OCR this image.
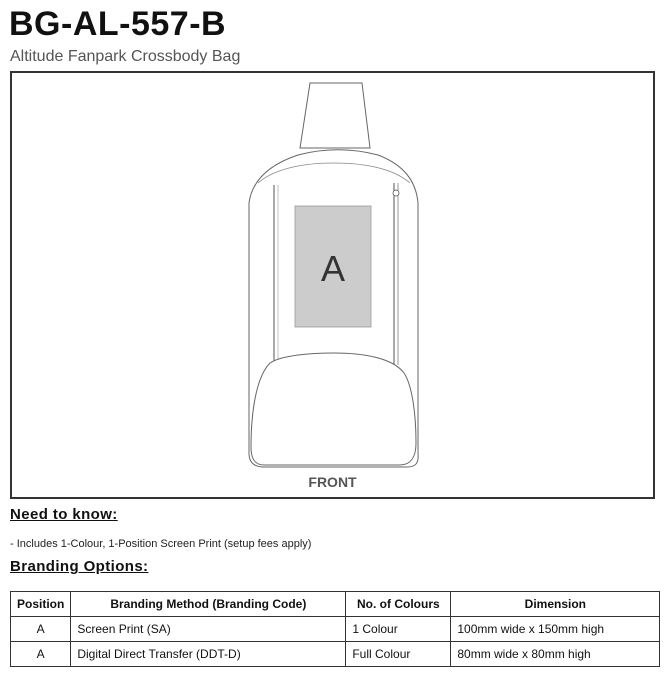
BG-AL-557-B
Altitude Fanpark Crossbody Bag
A
FRONT
Need to know:
- Includes 1-Colour, 1-Position Screen Print (setup fees apply)
Branding Options:
Position	Branding Method (Branding Code)	No. of Colours	Dimension
A	Screen Print (SA)	1 Colour	100mm wide x 150mm high
A	Digital Direct Transfer (DDT-D)	Full Colour	80mm wide x 80mm high
